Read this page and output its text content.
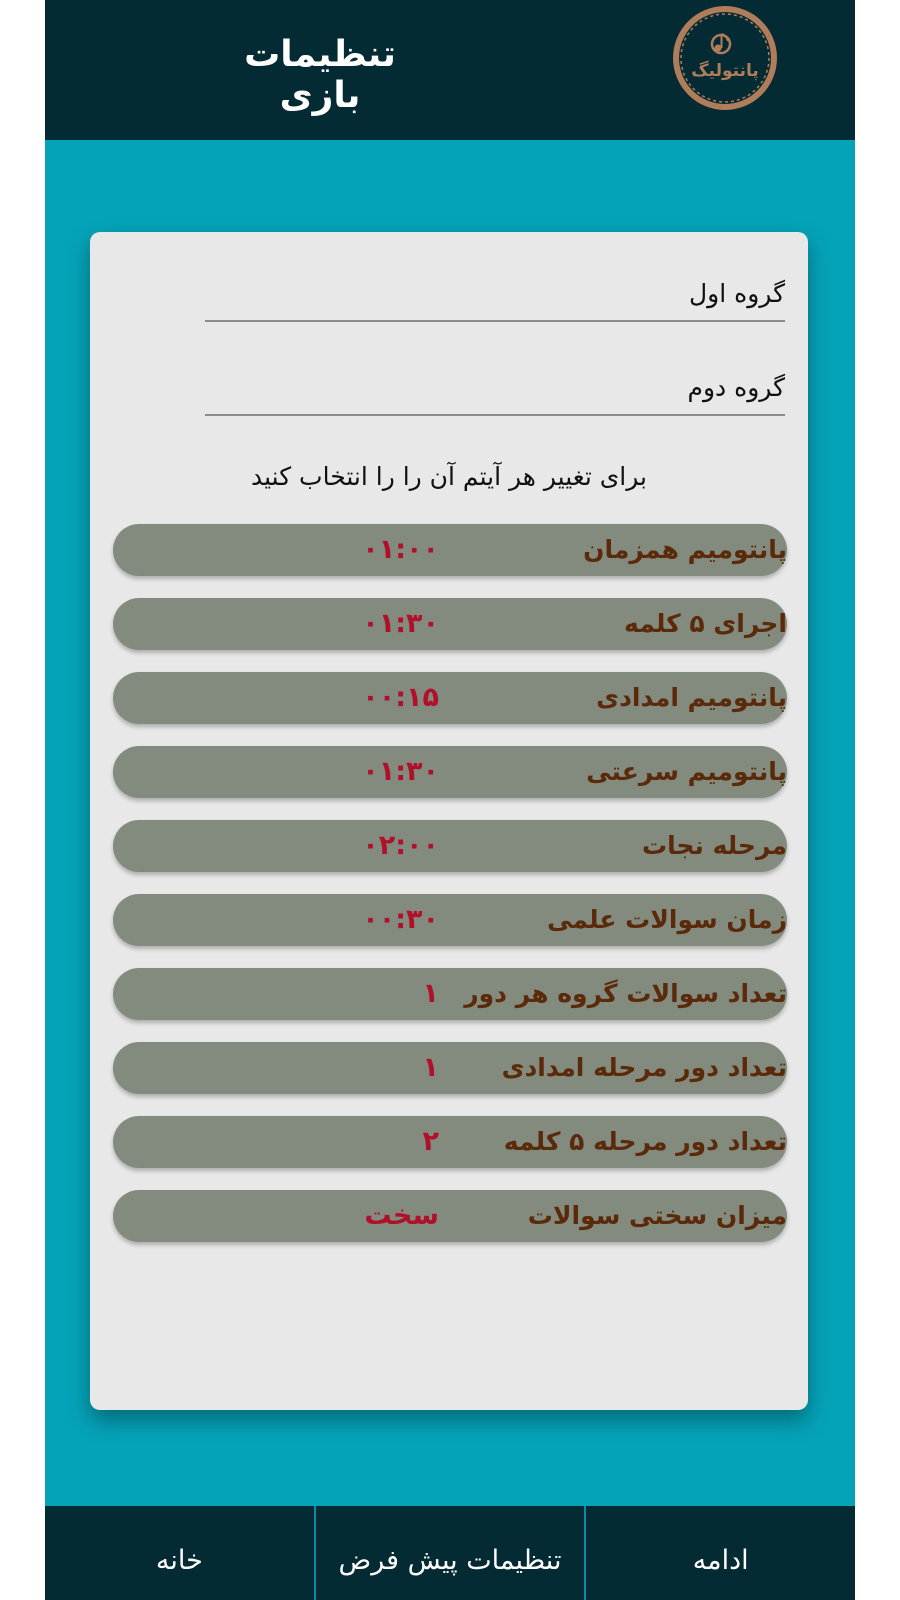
تنظیمات بازی
پانتولیگ
گروه اول
گروه دوم
برای تغییر هر آیتم آن را را انتخاب کنید
پانتومیم همزمان
۰۱:۰۰
اجرای ۵ کلمه
۰۱:۳۰
پانتومیم امدادی
۰۰:۱۵
پانتومیم سرعتی
۰۱:۳۰
مرحله نجات
۰۲:۰۰
زمان سوالات علمی
۰۰:۳۰
تعداد سوالات گروه هر دور
۱
تعداد دور مرحله امدادی
۱
تعداد دور مرحله ۵ کلمه
۲
میزان سختی سوالات
سخت
خانه	تنظیمات پیش فرض	ادامه
